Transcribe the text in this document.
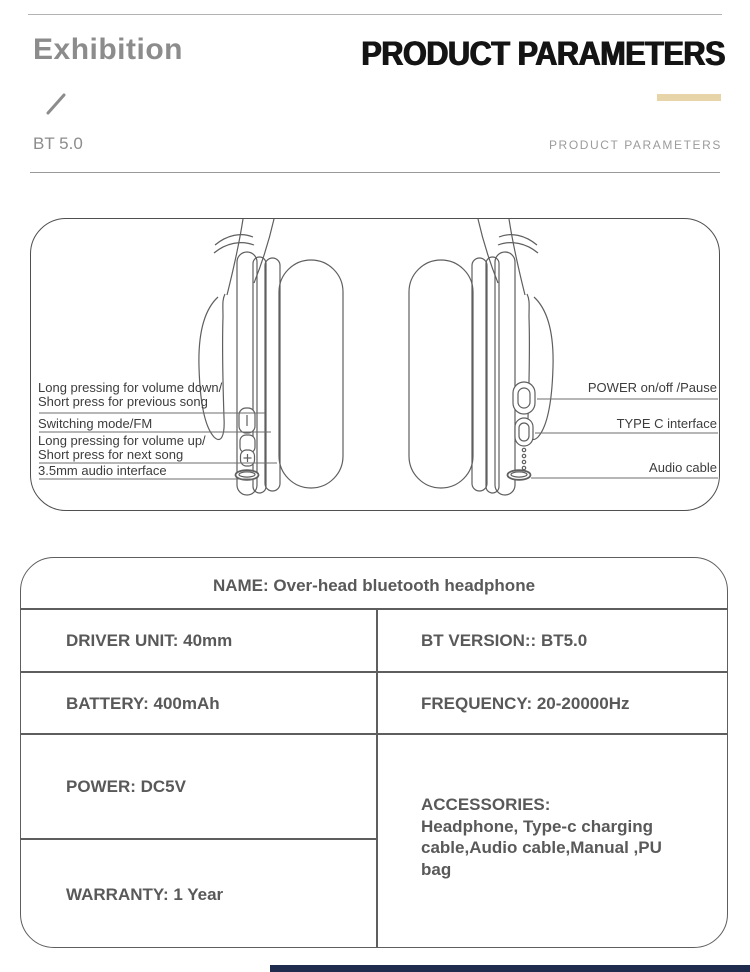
Exhibition	PRODUCT PARAMETERS
BT 5.0	PRODUCT PARAMETERS
Long pressing for volume down/
Short press for previous song
Switching mode/FM
Long pressing for volume up/
Short press for next song
3.5mm audio interface
POWER on/off /Pause
TYPE C interface
Audio cable
NAME: Over-head bluetooth headphone
DRIVER UNIT: 40mm	BT VERSION:: BT5.0
BATTERY: 400mAh	FREQUENCY: 20-20000Hz
POWER: DC5V
WARRANTY: 1 Year
ACCESSORIES:
Headphone, Type-c charging cable,Audio cable,Manual ,PU bag
